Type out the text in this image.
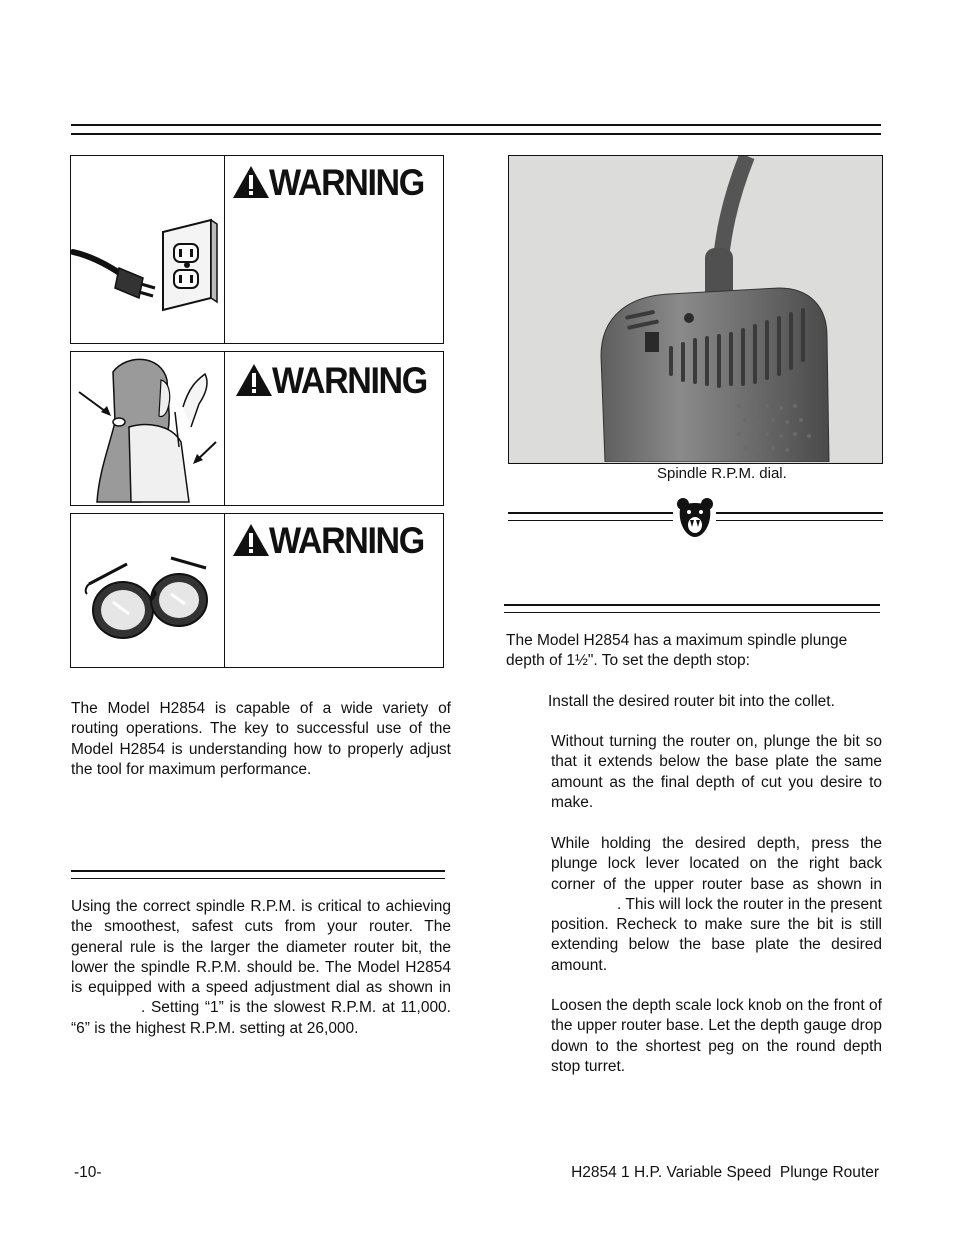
WARNING
WARNING
WARNING
The Model H2854 is capable of a wide variety of routing operations. The key to successful use of the Model H2854 is understanding how to properly adjust the tool for maximum performance.
Using the correct spindle R.P.M. is critical to achieving the smoothest, safest cuts from your router. The general rule is the larger the diameter router bit, the lower the spindle R.P.M. should be. The Model H2854 is equipped with a speed adjustment dial as shown in. Setting “1” is the slowest R.P.M. at 11,000. “6” is the highest R.P.M. setting at 26,000.
Spindle R.P.M. dial.
The Model H2854 has a maximum spindle plunge depth of 1½". To set the depth stop:
Install the desired router bit into the collet.
Without turning the router on, plunge the bit so that it extends below the base plate the same amount as the final depth of cut you desire to make.
While holding the desired depth, press the plunge lock lever located on the right back corner of the upper router base as shown in. This will lock the router in the present position. Recheck to make sure the bit is still extending below the base plate the desired amount.
Loosen the depth scale lock knob on the front of the upper router base. Let the depth gauge drop down to the shortest peg on the round depth stop turret.
-10-	H2854 1 H.P. Variable Speed  Plunge Router
